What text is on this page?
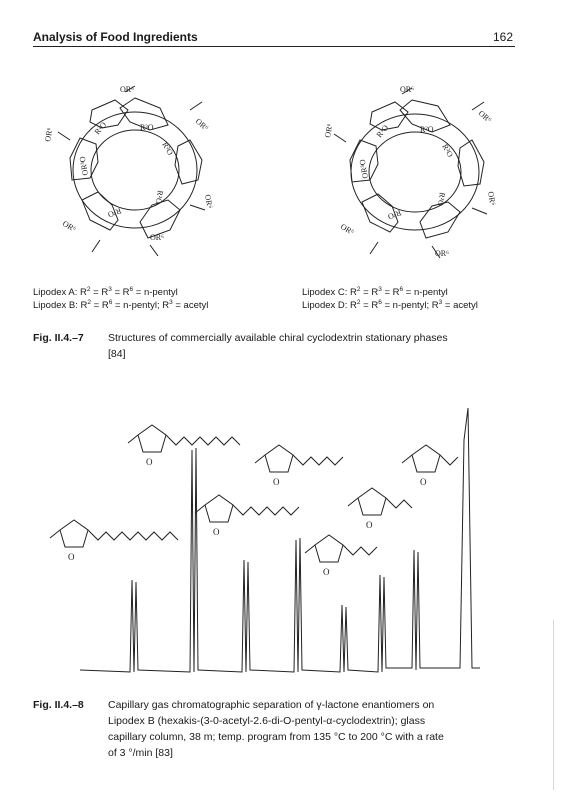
Analysis of Food Ingredients	162
OR⁶
OR⁶
OR⁶
OR⁶
OR⁶
OR⁶
R²O	R³O
R²O
R²O
R²O
OR³O
OR⁶
OR⁶
OR⁶
OR⁶
OR⁶
OR⁶
R³O	R²O
R²O
R²O
R²O
OR³O
Lipodex A: $R^2 = R^3 = R^6$ = n-pentyl
Lipodex B: $R^2 = R^6$ = n-pentyl; $R^3$ = acetyl
Lipodex C: $R^2 = R^3 = R^6$ = n-pentyl
Lipodex D: $R^2 = R^6$ = n-pentyl; $R^3$ = acetyl
Fig. II.4.–7 Structures of commercially available chiral cyclodextrin stationary phases
[84]
O
O
O
O
O
O
O
Fig. II.4.–8 Capillary gas chromatographic separation of γ-lactone enantiomers on
Lipodex B (hexakis-(3-0-acetyl-2.6-di-O-pentyl-α-cyclodextrin); glass
capillary column, 38 m; temp. program from 135 °C to 200 °C with a rate
of 3 °/min [83]
